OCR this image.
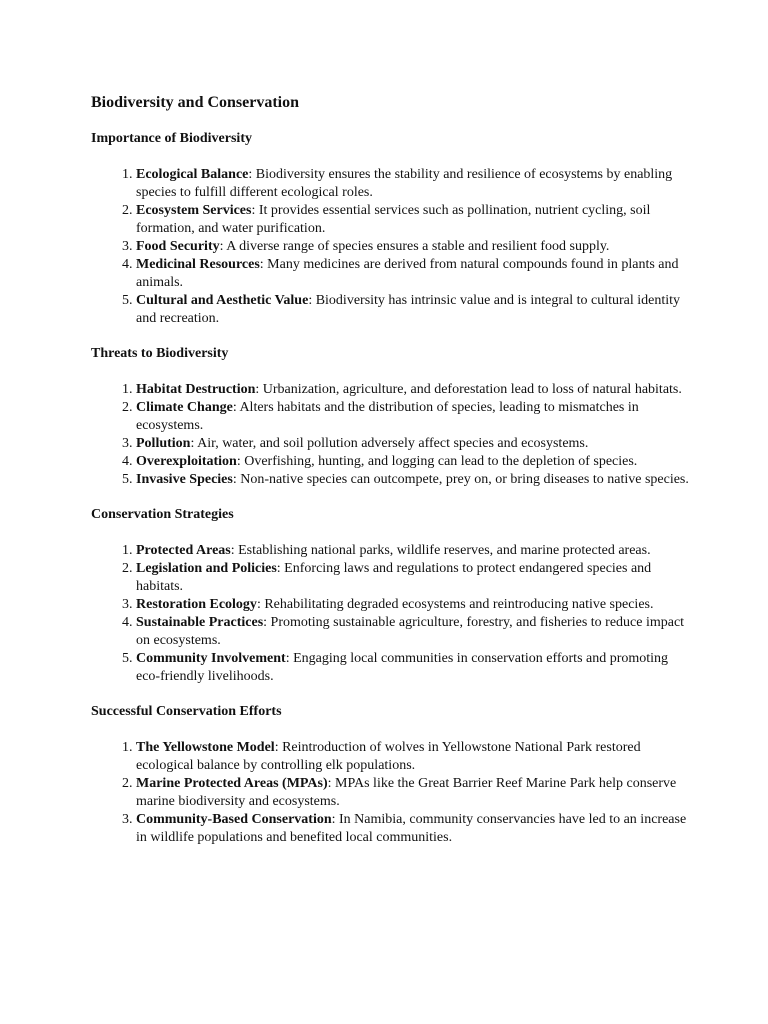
Biodiversity and Conservation
Importance of Biodiversity
1. Ecological Balance: Biodiversity ensures the stability and resilience of ecosystems by enabling species to fulfill different ecological roles.
2. Ecosystem Services: It provides essential services such as pollination, nutrient cycling, soil formation, and water purification.
3. Food Security: A diverse range of species ensures a stable and resilient food supply.
4. Medicinal Resources: Many medicines are derived from natural compounds found in plants and animals.
5. Cultural and Aesthetic Value: Biodiversity has intrinsic value and is integral to cultural identity and recreation.
Threats to Biodiversity
1. Habitat Destruction: Urbanization, agriculture, and deforestation lead to loss of natural habitats.
2. Climate Change: Alters habitats and the distribution of species, leading to mismatches in ecosystems.
3. Pollution: Air, water, and soil pollution adversely affect species and ecosystems.
4. Overexploitation: Overfishing, hunting, and logging can lead to the depletion of species.
5. Invasive Species: Non-native species can outcompete, prey on, or bring diseases to native species.
Conservation Strategies
1. Protected Areas: Establishing national parks, wildlife reserves, and marine protected areas.
2. Legislation and Policies: Enforcing laws and regulations to protect endangered species and habitats.
3. Restoration Ecology: Rehabilitating degraded ecosystems and reintroducing native species.
4. Sustainable Practices: Promoting sustainable agriculture, forestry, and fisheries to reduce impact on ecosystems.
5. Community Involvement: Engaging local communities in conservation efforts and promoting eco-friendly livelihoods.
Successful Conservation Efforts
1. The Yellowstone Model: Reintroduction of wolves in Yellowstone National Park restored ecological balance by controlling elk populations.
2. Marine Protected Areas (MPAs): MPAs like the Great Barrier Reef Marine Park help conserve marine biodiversity and ecosystems.
3. Community-Based Conservation: In Namibia, community conservancies have led to an increase in wildlife populations and benefited local communities.
